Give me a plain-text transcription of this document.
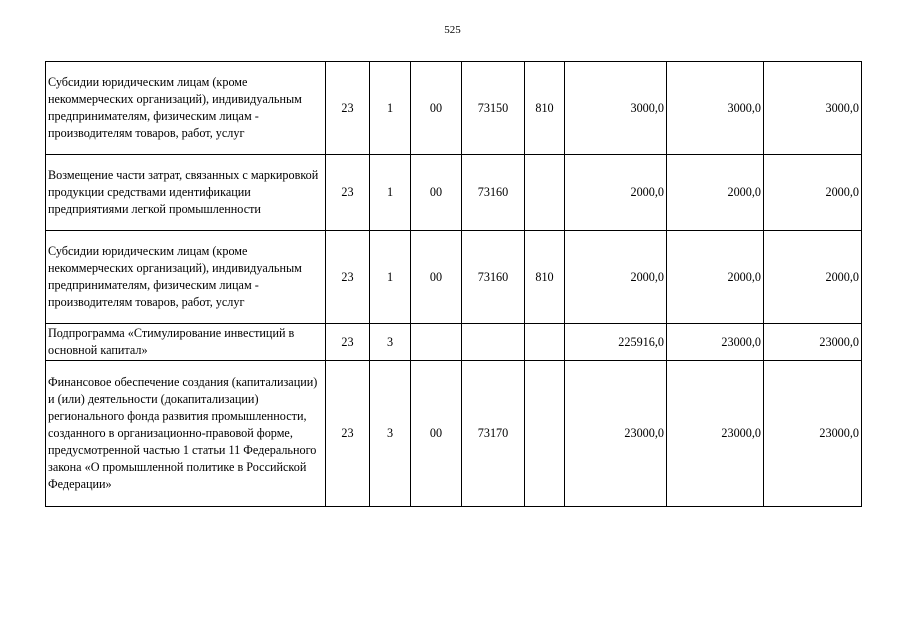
525
Субсидии юридическим лицам (кроме некоммерческих организаций), индивидуальным предпринимателям, физическим лицам - производителям товаров, работ, услуг	23	1	00	73150	810	3000,0	3000,0	3000,0
Возмещение части затрат, связанных с маркировкой продукции средствами идентификации предприятиями легкой промышленности	23	1	00	73160		2000,0	2000,0	2000,0
Субсидии юридическим лицам (кроме некоммерческих организаций), индивидуальным предпринимателям, физическим лицам - производителям товаров, работ, услуг	23	1	00	73160	810	2000,0	2000,0	2000,0
Подпрограмма «Стимулирование инвестиций в основной капитал»	23	3				225916,0	23000,0	23000,0
Финансовое обеспечение создания (капитализации) и (или) деятельности (докапитализации) регионального фонда развития промышленности, созданного в организационно-правовой форме, предусмотренной частью 1 статьи 11 Федерального закона «О промышленной политике в Российской Федерации»	23	3	00	73170		23000,0	23000,0	23000,0
